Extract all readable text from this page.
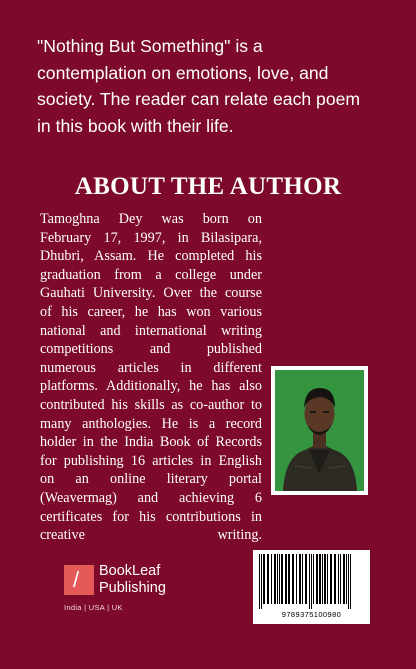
"Nothing But Something" is a
contemplation on emotions, love, and
society. The reader can relate each poem
in this book with their life.

ABOUT THE AUTHOR

Tamoghna Dey was born on
February 17, 1997, in Bilasipara,
Dhubri, Assam. He completed his
graduation from a college under
Gauhati University. Over the course
of his career, he has won various
national and international writing
competitions and published
numerous articles in different
platforms. Additionally, he has also
contributed his skills as co-author to
many anthologies. He is a record
holder in the India Book of Records
for publishing 16 articles in English
on an online literary portal
(Weavermag) and achieving 6
certificates for his contributions in
creative writing.

/ BookLeaf
Publishing
India | USA | UK
9789375100980
